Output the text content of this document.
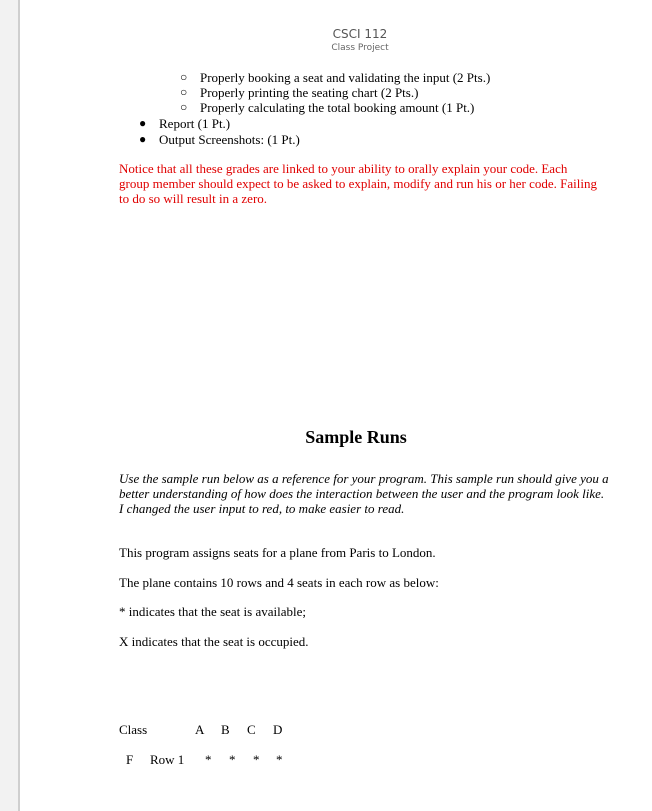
CSCI 112
Class Project
○ Properly booking a seat and validating the input (2 Pts.)
○ Properly printing the seating chart (2 Pts.)
○ Properly calculating the total booking amount (1 Pt.)
● Report (1 Pt.)
● Output Screenshots: (1 Pt.)
Notice that all these grades are linked to your ability to orally explain your code. Each group member should expect to be asked to explain, modify and run his or her code. Failing to do so will result in a zero.
Sample Runs
Use the sample run below as a reference for your program. This sample run should give you a better understanding of how does the interaction between the user and the program look like. I changed the user input to red, to make easier to read.
This program assigns seats for a plane from Paris to London.
The plane contains 10 rows and 4 seats in each row as below:
* indicates that the seat is available;
X indicates that the seat is occupied.
Class	A B C D
F Row 1 * * * *
